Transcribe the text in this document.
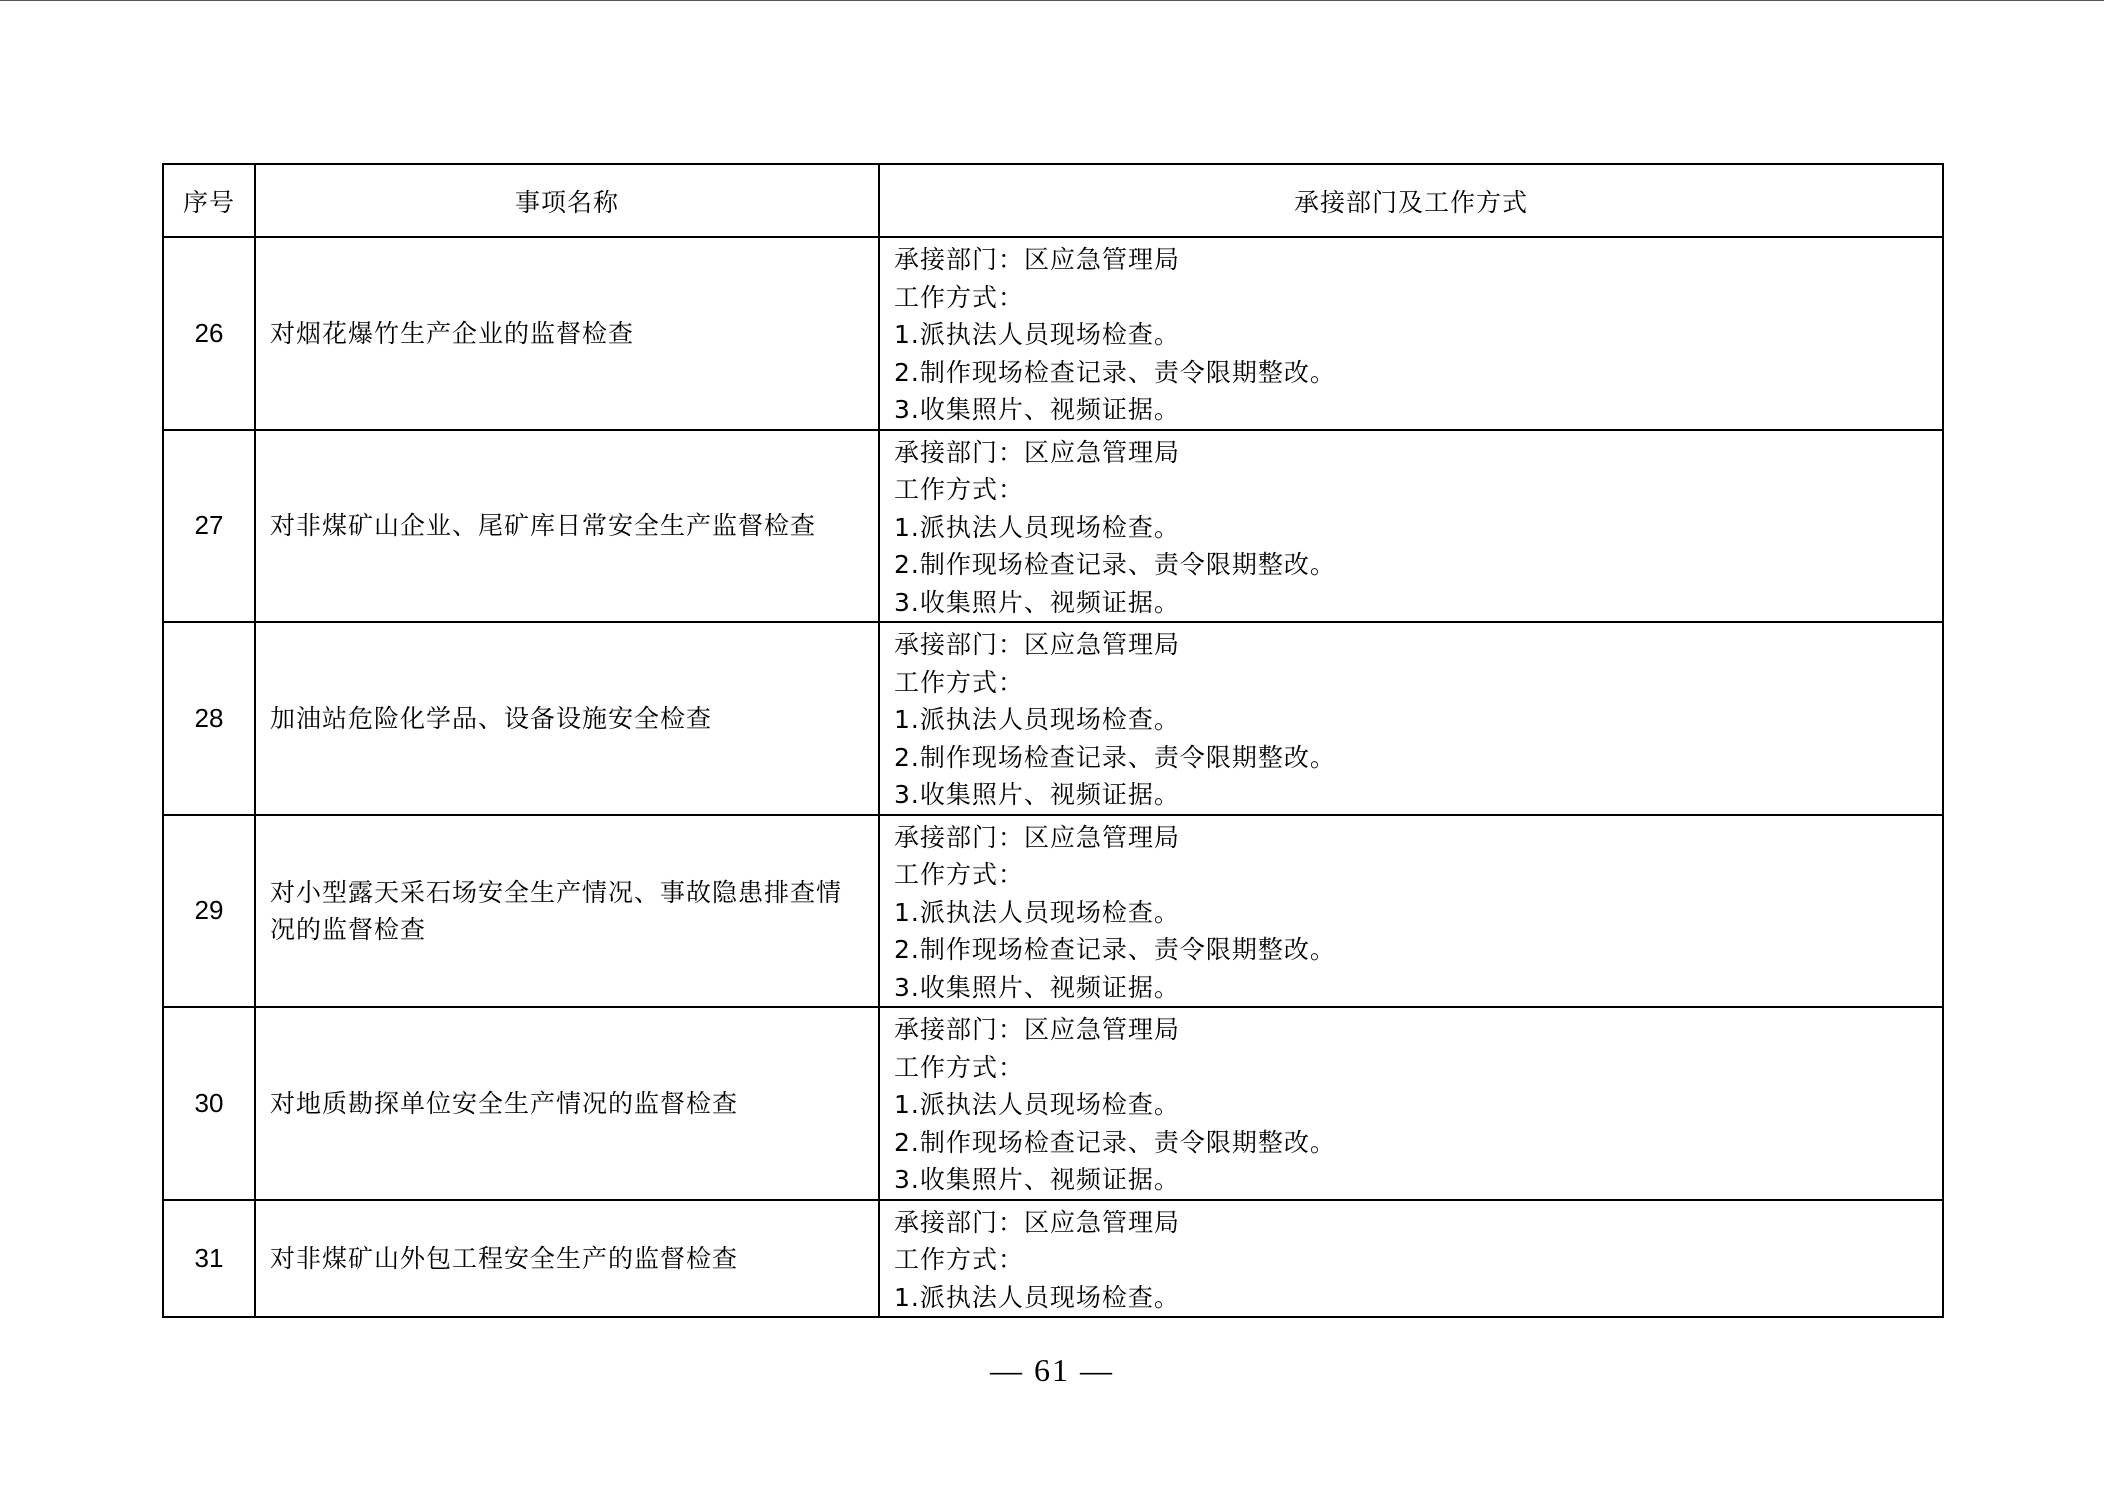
序号	事项名称	承接部门及工作方式
26	对烟花爆竹生产企业的监督检查	承接部门：区应急管理局
工作方式：
1.派执法人员现场检查。
2.制作现场检查记录、责令限期整改。
3.收集照片、视频证据。

27	对非煤矿山企业、尾矿库日常安全生产监督检查	承接部门：区应急管理局
工作方式：
1.派执法人员现场检查。
2.制作现场检查记录、责令限期整改。
3.收集照片、视频证据。

28	加油站危险化学品、设备设施安全检查	承接部门：区应急管理局
工作方式：
1.派执法人员现场检查。
2.制作现场检查记录、责令限期整改。
3.收集照片、视频证据。

29	对小型露天采石场安全生产情况、事故隐患排查情况的监督检查	承接部门：区应急管理局
工作方式：
1.派执法人员现场检查。
2.制作现场检查记录、责令限期整改。
3.收集照片、视频证据。

30	对地质勘探单位安全生产情况的监督检查	承接部门：区应急管理局
工作方式：
1.派执法人员现场检查。
2.制作现场检查记录、责令限期整改。
3.收集照片、视频证据。

31	对非煤矿山外包工程安全生产的监督检查	承接部门：区应急管理局
工作方式：
1.派执法人员现场检查。
— 61 —
